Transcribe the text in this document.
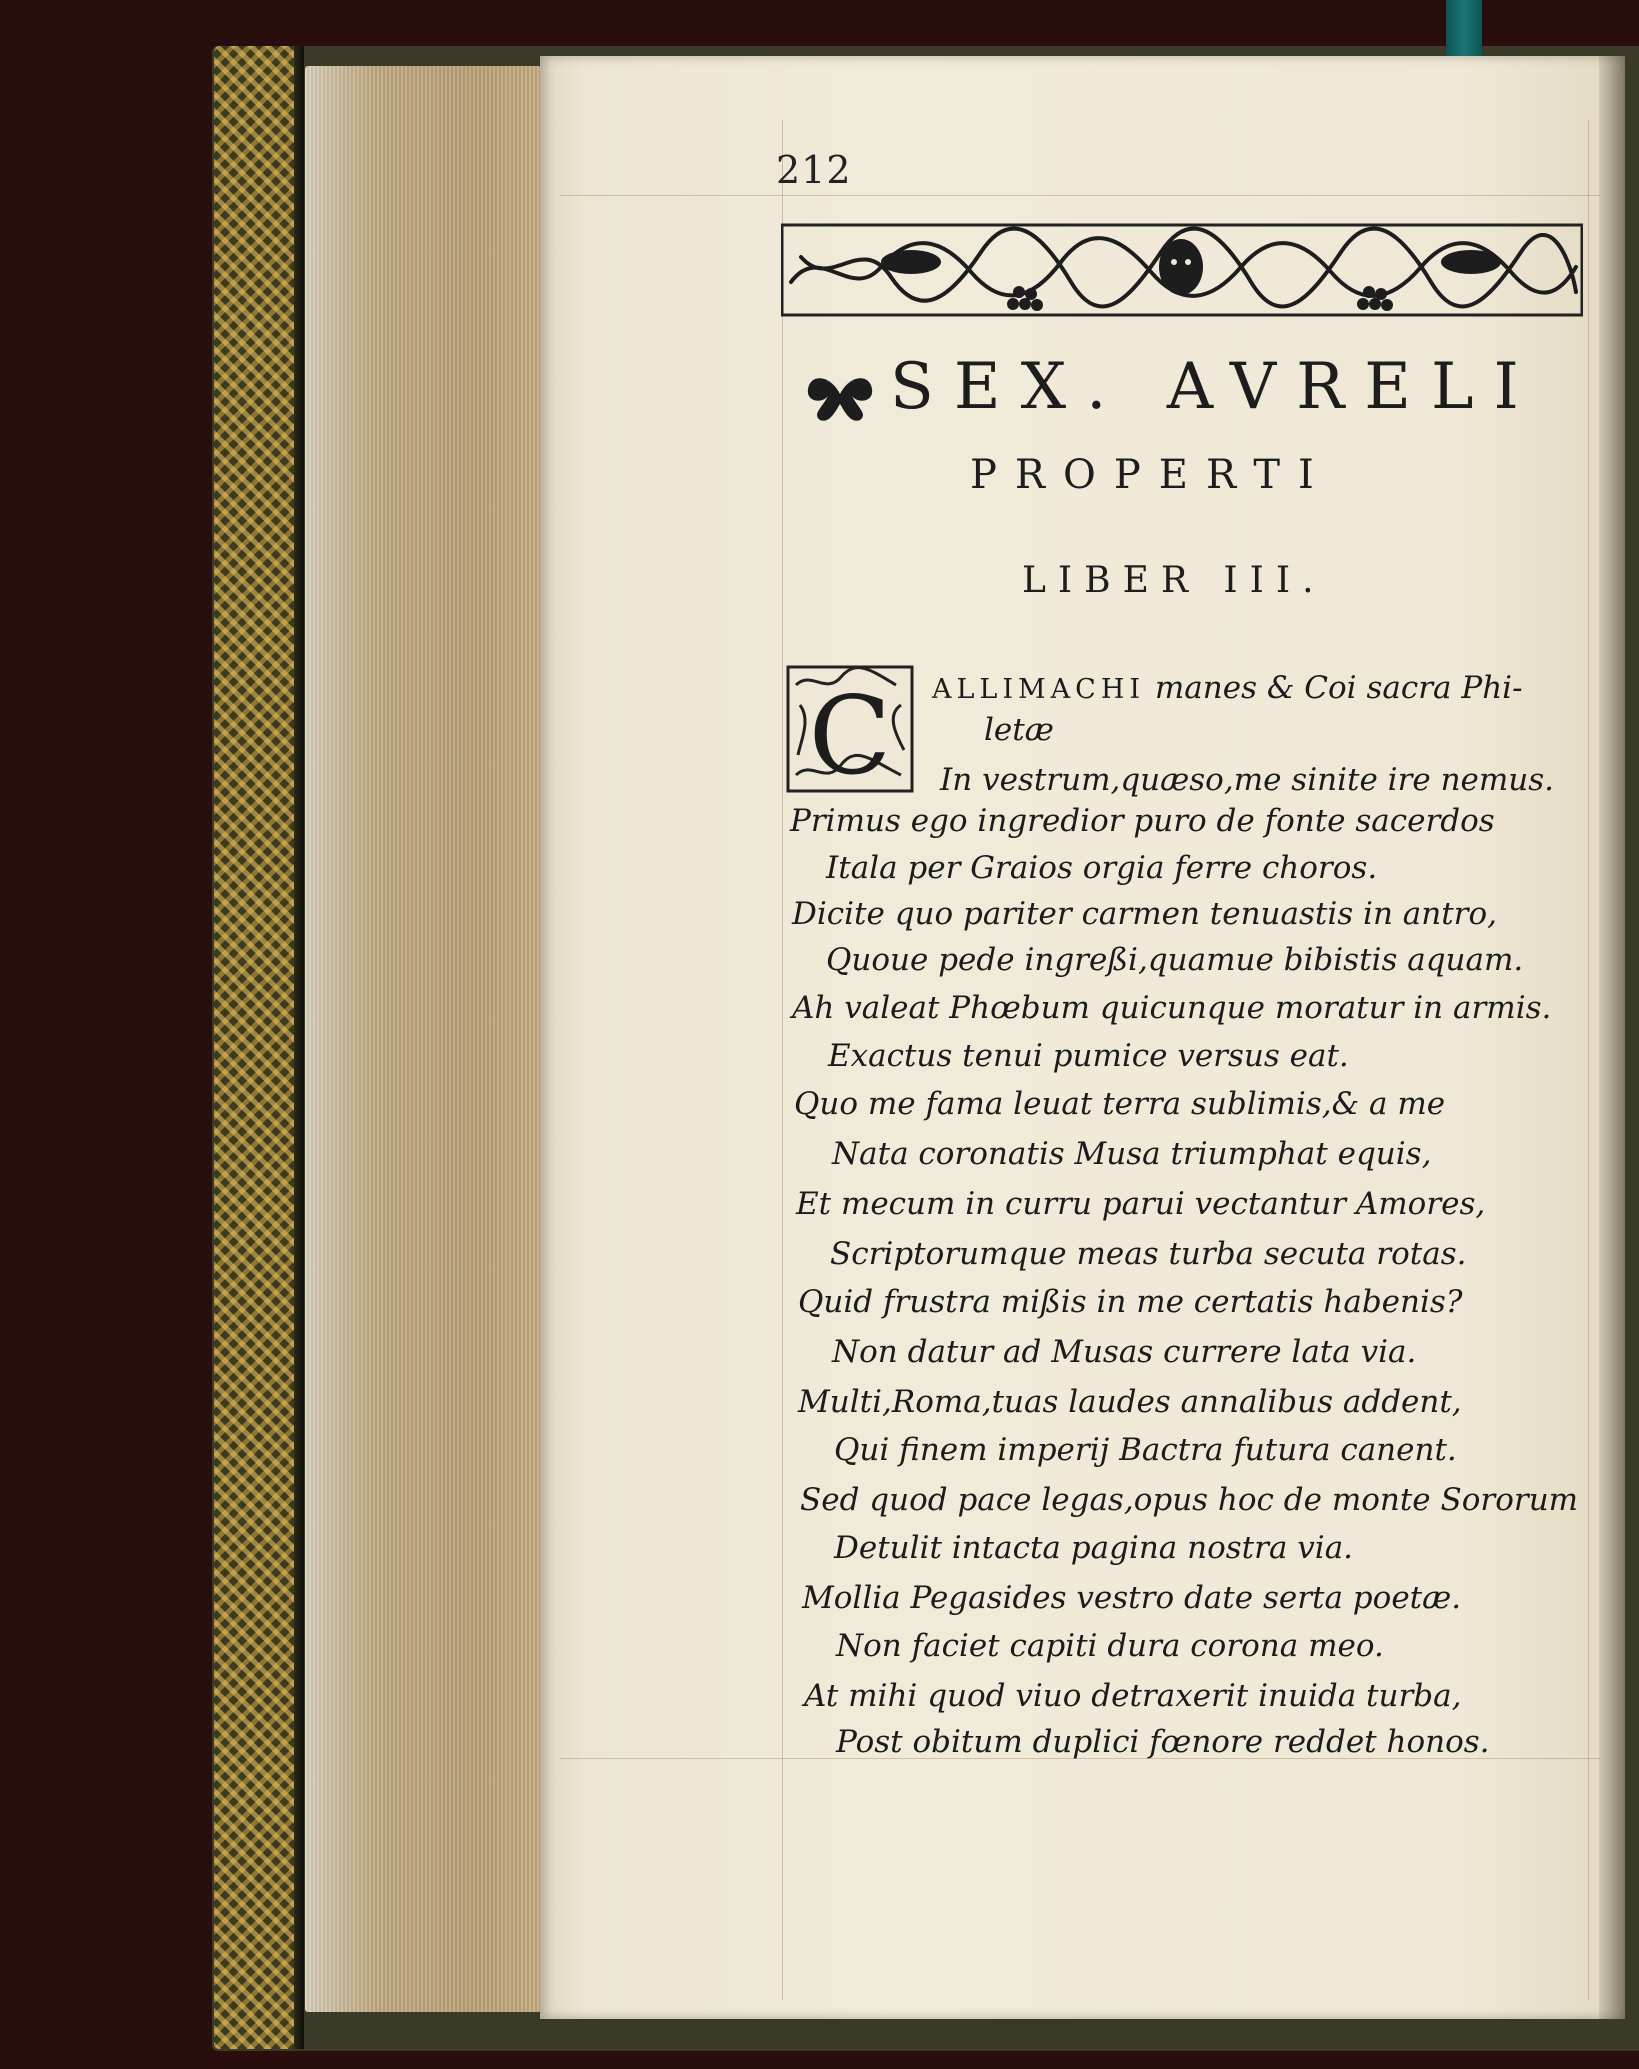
212
SEX. AVRELI
PROPERTI
LIBER III.
C ALLIMACHI manes & Coi sacra Phi-

letæ

In vestrum,quæso,me sinite ire nemus.

Primus ego ingredior puro de fonte sacerdos

Itala per Graios orgia ferre choros.

Dicite quo pariter carmen tenuastis in antro,

Quoue pede ingreßi,quamue bibistis aquam.

Ah valeat Phœbum quicunque moratur in armis.

Exactus tenui pumice versus eat.

Quo me fama leuat terra sublimis,& a me

Nata coronatis Musa triumphat equis,

Et mecum in curru parui vectantur Amores,

Scriptorumque meas turba secuta rotas.

Quid frustra mißis in me certatis habenis?

Non datur ad Musas currere lata via.

Multi,Roma,tuas laudes annalibus addent,

Qui finem imperij Bactra futura canent.

Sed quod pace legas,opus hoc de monte Sororum

Detulit intacta pagina nostra via.

Mollia Pegasides vestro date serta poetæ.

Non faciet capiti dura corona meo.

At mihi quod viuo detraxerit inuida turba,

Post obitum duplici fœnore reddet honos.
